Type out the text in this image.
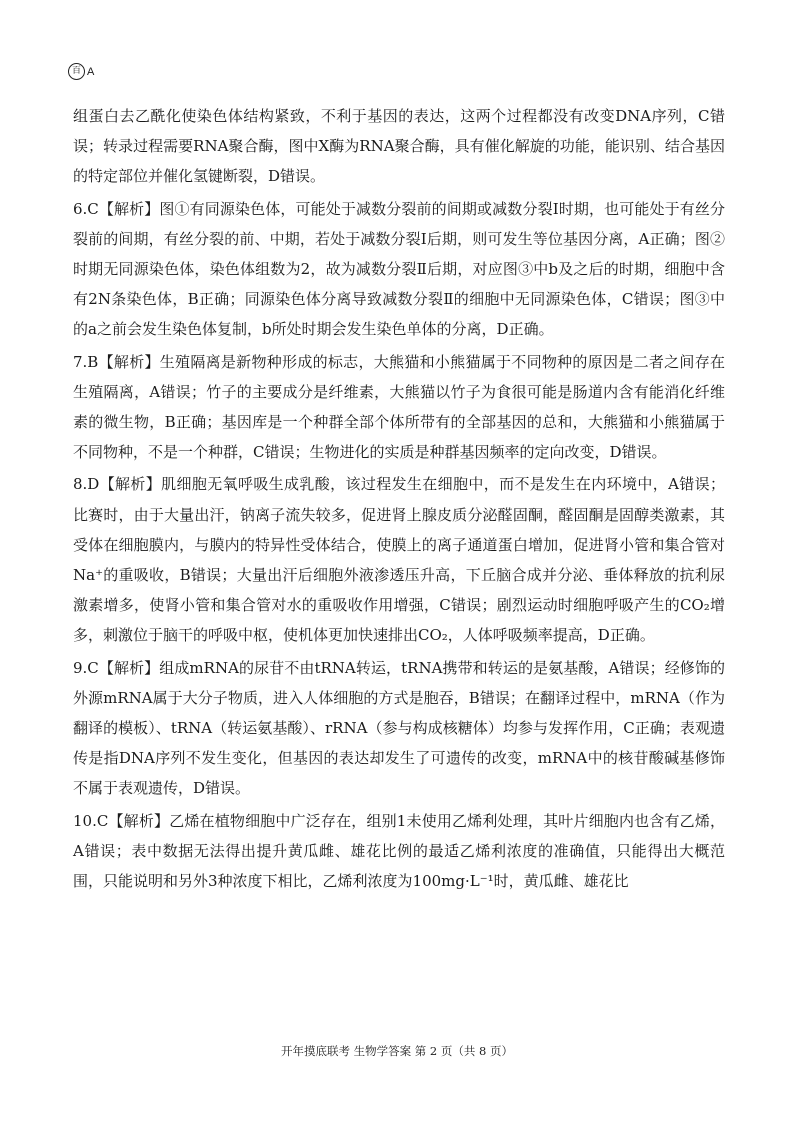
百 A

组蛋白去乙酰化使染色体结构紧致，不利于基因的表达，这两个过程都没有改变DNA序列，C错误；转录过程需要RNA聚合酶，图中X酶为RNA聚合酶，具有催化解旋的功能，能识别、结合基因的特定部位并催化氢键断裂，D错误。

6.C【解析】图①有同源染色体，可能处于减数分裂前的间期或减数分裂Ⅰ时期，也可能处于有丝分裂前的间期，有丝分裂的前、中期，若处于减数分裂Ⅰ后期，则可发生等位基因分离，A正确；图②时期无同源染色体，染色体组数为2，故为减数分裂Ⅱ后期，对应图③中b及之后的时期，细胞中含有2N条染色体，B正确；同源染色体分离导致减数分裂Ⅱ的细胞中无同源染色体，C错误；图③中的a之前会发生染色体复制，b所处时期会发生染色单体的分离，D正确。

7.B【解析】生殖隔离是新物种形成的标志，大熊猫和小熊猫属于不同物种的原因是二者之间存在生殖隔离，A错误；竹子的主要成分是纤维素，大熊猫以竹子为食很可能是肠道内含有能消化纤维素的微生物，B正确；基因库是一个种群全部个体所带有的全部基因的总和，大熊猫和小熊猫属于不同物种，不是一个种群，C错误；生物进化的实质是种群基因频率的定向改变，D错误。

8.D【解析】肌细胞无氧呼吸生成乳酸，该过程发生在细胞中，而不是发生在内环境中，A错误；比赛时，由于大量出汗，钠离子流失较多，促进肾上腺皮质分泌醛固酮，醛固酮是固醇类激素，其受体在细胞膜内，与膜内的特异性受体结合，使膜上的离子通道蛋白增加，促进肾小管和集合管对Na⁺的重吸收，B错误；大量出汗后细胞外液渗透压升高，下丘脑合成并分泌、垂体释放的抗利尿激素增多，使肾小管和集合管对水的重吸收作用增强，C错误；剧烈运动时细胞呼吸产生的CO₂增多，刺激位于脑干的呼吸中枢，使机体更加快速排出CO₂，人体呼吸频率提高，D正确。

9.C【解析】组成mRNA的尿苷不由tRNA转运，tRNA携带和转运的是氨基酸，A错误；经修饰的外源mRNA属于大分子物质，进入人体细胞的方式是胞吞，B错误；在翻译过程中，mRNA（作为翻译的模板）、tRNA（转运氨基酸）、rRNA（参与构成核糖体）均参与发挥作用，C正确；表观遗传是指DNA序列不发生变化，但基因的表达却发生了可遗传的改变，mRNA中的核苷酸碱基修饰不属于表观遗传，D错误。

10.C【解析】乙烯在植物细胞中广泛存在，组别1未使用乙烯利处理，其叶片细胞内也含有乙烯，A错误；表中数据无法得出提升黄瓜雌、雄花比例的最适乙烯利浓度的准确值，只能得出大概范围，只能说明和另外3种浓度下相比，乙烯利浓度为100mg·L⁻¹时，黄瓜雌、雄花比

开年摸底联考 生物学答案 第 2 页（共 8 页）
